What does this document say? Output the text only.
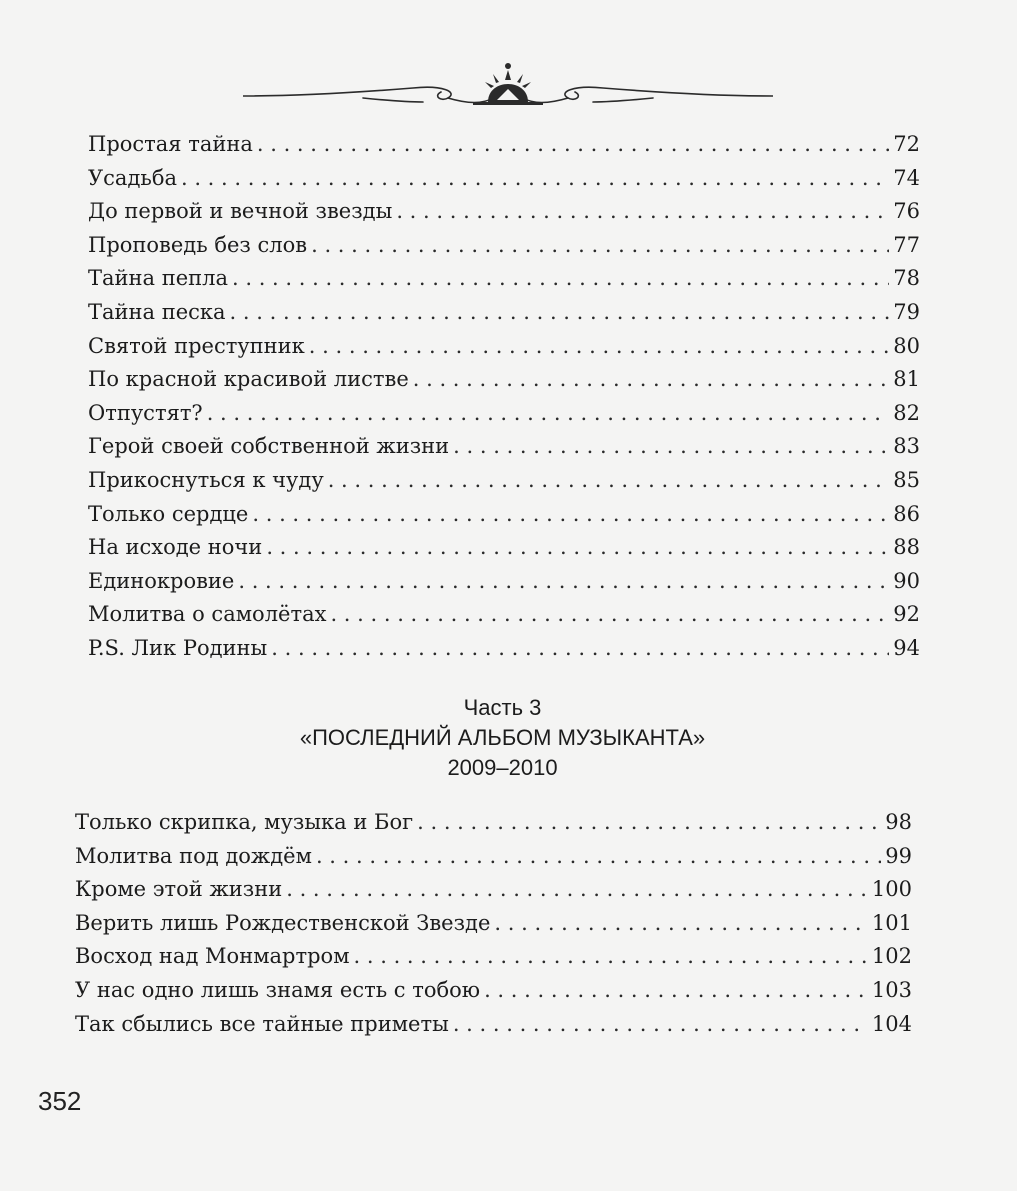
Простая тайна . . .	72
Усадьба . . .	74
До первой и вечной звезды . . .	76
Проповедь без слов . . .	77
Тайна пепла . . .	78
Тайна песка . . .	79
Святой преступник . . .	80
По красной красивой листве . . .	81
Отпустят? . . .	82
Герой своей собственной жизни . . .	83
Прикоснуться к чуду . . .	85
Только сердце . . .	86
На исходе ночи . . .	88
Единокровие . . .	90
Молитва о самолётах . . .	92
P.S. Лик Родины . . .	94
Часть 3
«ПОСЛЕДНИЙ АЛЬБОМ МУЗЫКАНТА»
2009–2010
Только скрипка, музыка и Бог . . .	98
Молитва под дождём . . .	99
Кроме этой жизни . . .	100
Верить лишь Рождественской Звезде . . .	101
Восход над Монмартром . . .	102
У нас одно лишь знамя есть с тобою . . .	103
Так сбылись все тайные приметы . . .	104
352
